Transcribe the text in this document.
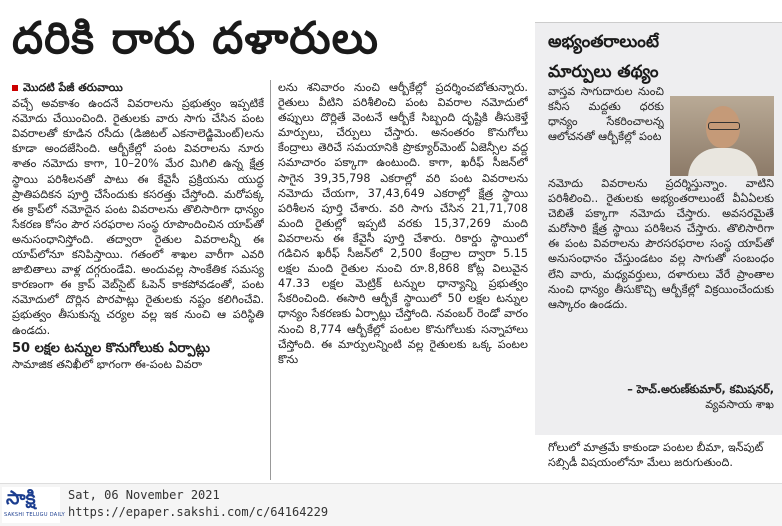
దరికి రారు దళారులు	అభ్యంతరాలుంటే
మార్పులు తథ్యం
మొదటి పేజీ తరువాయి

వచ్చే అవకాశం ఉందనే వివరాలను ప్రభుత్వం ఇప్పటికే నమోదు చేయించింది. రైతులకు వారు సాగు చేసిన పంట వివరాలతో కూడిన రసీదు (డిజిటల్ ఎకనాలెడ్జిమెంట్)లను కూడా అందజేసింది. ఆర్బీకేల్లో పంట వివరాలను నూరు శాతం నమోదు కాగా, 10–20% మేర మిగిలి ఉన్న క్షేత్ర స్థాయి పరిశీలనతో పాటు ఈ కేవైసీ ప్రక్రియను యుద్ధ ప్రాతిపదికన పూర్తి చేసేందుకు కసరత్తు చేస్తోంది. మరోపక్క ఈ క్రాప్‌లో నమోదైన పంట వివరాలను తొలిసారిగా ధాన్యం సేకరణ కోసం పౌర సరఫరాల సంస్థ రూపొందించిన యాప్‌తో అనుసంధానిస్తోంది. తద్వారా రైతుల వివరాలన్నీ ఈ యాప్‌లోనూ కనిపిస్తాయి. గతంలో శాఖల వారీగా ఎవరి జాబితాలు వాళ్ల దగ్గరుండేవి. అందువల్ల సాంకేతిక సమస్య కారణంగా ఈ క్రాప్ వెబ్‌సైట్ ఓపెన్ కాకపోవడంతో, పంట నమోదులో దొర్లిన పొరపాట్లు రైతులకు నష్టం కలిగించేవి. ప్రభుత్వం తీసుకున్న చర్యల వల్ల ఇక నుంచి ఆ పరిస్థితి ఉండదు.

50 లక్షల టన్నుల కొనుగోలుకు ఏర్పాట్లు

సామాజిక తనిఖీలో భాగంగా ఈ-పంట వివరా

లను శనివారం నుంచి ఆర్బీకేల్లో ప్రదర్శించబోతున్నారు. రైతులు వీటిని పరిశీలించి పంట వివరాల నమోదులో తప్పులు దొర్లితే వెంటనే ఆర్బీకే సిబ్బంది దృష్టికి తీసుకెళ్తే మార్పులు, చేర్పులు చేస్తారు. అనంతరం కొనుగోలు కేంద్రాలు తెరిచే సమయానికి ప్రొక్యూర్‌మెంట్ ఏజెన్సీల వద్ద సమాచారం పక్కాగా ఉంటుంది. కాగా, ఖరీఫ్ సీజన్‌లో సాగైన 39,35,798 ఎకరాల్లో వరి పంట వివరాలను నమోదు చేయగా, 37,43,649 ఎకరాల్లో క్షేత్ర స్థాయి పరిశీలన పూర్తి చేశారు. వరి సాగు చేసిన 21,71,708 మంది రైతుల్లో ఇప్పటి వరకు 15,37,269 మంది వివరాలను ఈ కేవైసీ పూర్తి చేశారు. రికార్డు స్థాయిలో గడిచిన ఖరీఫ్ సీజన్‌లో 2,500 కేంద్రాల ద్వారా 5.15 లక్షల మంది రైతుల నుంచి రూ.8,868 కోట్ల విలువైన 47.33 లక్షల మెట్రిక్ టన్నుల ధాన్యాన్ని ప్రభుత్వం సేకరించింది. ఈసారి ఆర్బీకే స్థాయిలో 50 లక్షల టన్నుల ధాన్యం సేకరణకు ఏర్పాట్లు చేస్తోంది. నవంబర్ రెండో వారం నుంచి 8,774 ఆర్బీకేల్లో పంటల కొనుగోలుకు సన్నాహాలు చేస్తోంది. ఈ మార్పులన్నింటి వల్ల రైతులకు ఒక్క పంటల కొను

వాస్తవ సాగుదారుల నుంచి కనీస మద్దతు ధరకు ధాన్యం సేకరించాలన్న ఆలోచనతో ఆర్బీకేల్లో పంట

నమోదు వివరాలను ప్రదర్శిస్తున్నాం. వాటిని పరిశీలించి.. రైతులకు అభ్యంతరాలుంటే వీఏఏలకు చెబితే పక్కాగా నమోదు చేస్తారు. అవసరమైతే మరోసారి క్షేత్ర స్థాయి పరిశీలన చేస్తారు. తొలిసారిగా ఈ పంట వివరాలను పౌరసరఫరాల సంస్థ యాప్‌తో అనుసంధానం చేస్తుండటం వల్ల సాగుతో సంబంధం లేని వారు, మధ్యవర్తులు, దళారులు వేరే ప్రాంతాల నుంచి ధాన్యం తీసుకొచ్చి ఆర్బీకేల్లో విక్రయించేందుకు ఆస్కారం ఉండదు.

– హెచ్.అరుణ్‌కుమార్, కమిషనర్,
వ్యవసాయ శాఖ
గోలులో మాత్రమే కాకుండా పంటల బీమా, ఇన్‌పుట్ సబ్సిడీ విషయంలోనూ మేలు జరుగుతుంది.
సాక్షి
SAKSHI TELUGU DAILY
Sat, 06 November 2021
https://epaper.sakshi.com/c/64164229
